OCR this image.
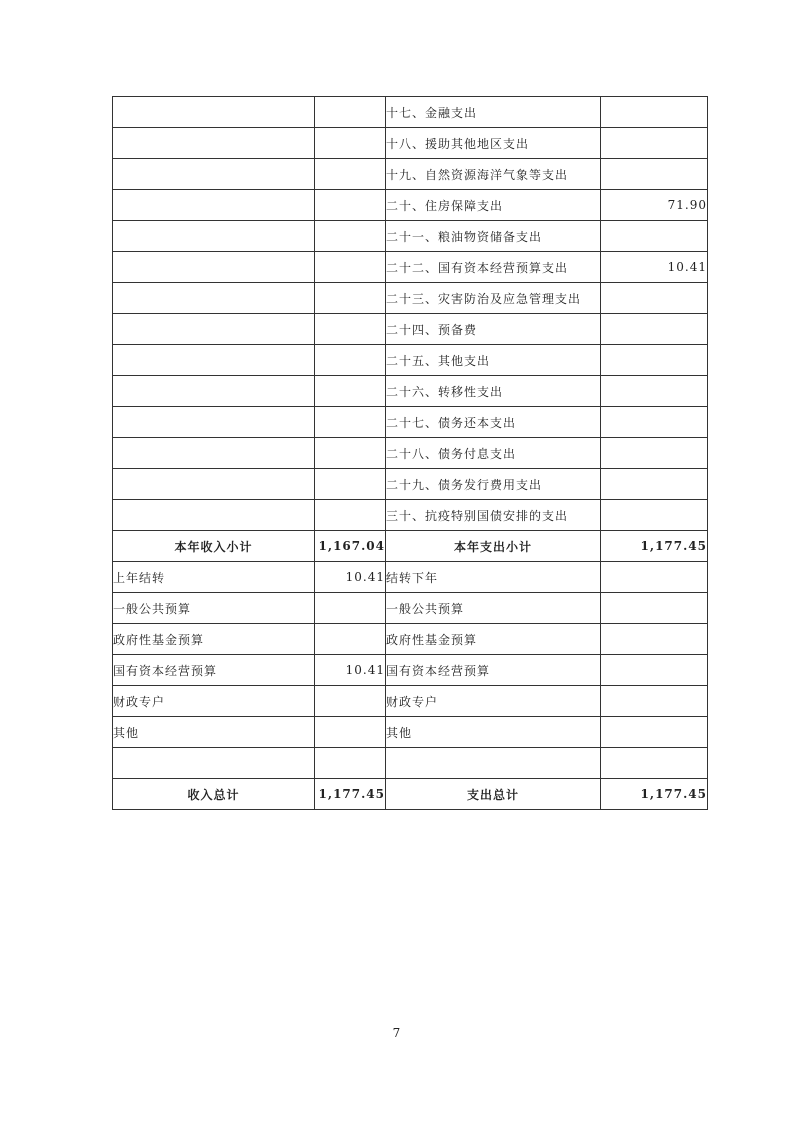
		十七、金融支出	
		十八、援助其他地区支出	
		十九、自然资源海洋气象等支出	
		二十、住房保障支出	71.90
		二十一、粮油物资储备支出	
		二十二、国有资本经营预算支出	10.41
		二十三、灾害防治及应急管理支出	
		二十四、预备费	
		二十五、其他支出	
		二十六、转移性支出	
		二十七、债务还本支出	
		二十八、债务付息支出	
		二十九、债务发行费用支出	
		三十、抗疫特别国债安排的支出	
本年收入小计	1,167.04	本年支出小计	1,177.45
上年结转	10.41	结转下年	
一般公共预算		一般公共预算	
政府性基金预算		政府性基金预算	
国有资本经营预算	10.41	国有资本经营预算	
财政专户		财政专户	
其他		其他	

收入总计	1,177.45	支出总计	1,177.45
7
